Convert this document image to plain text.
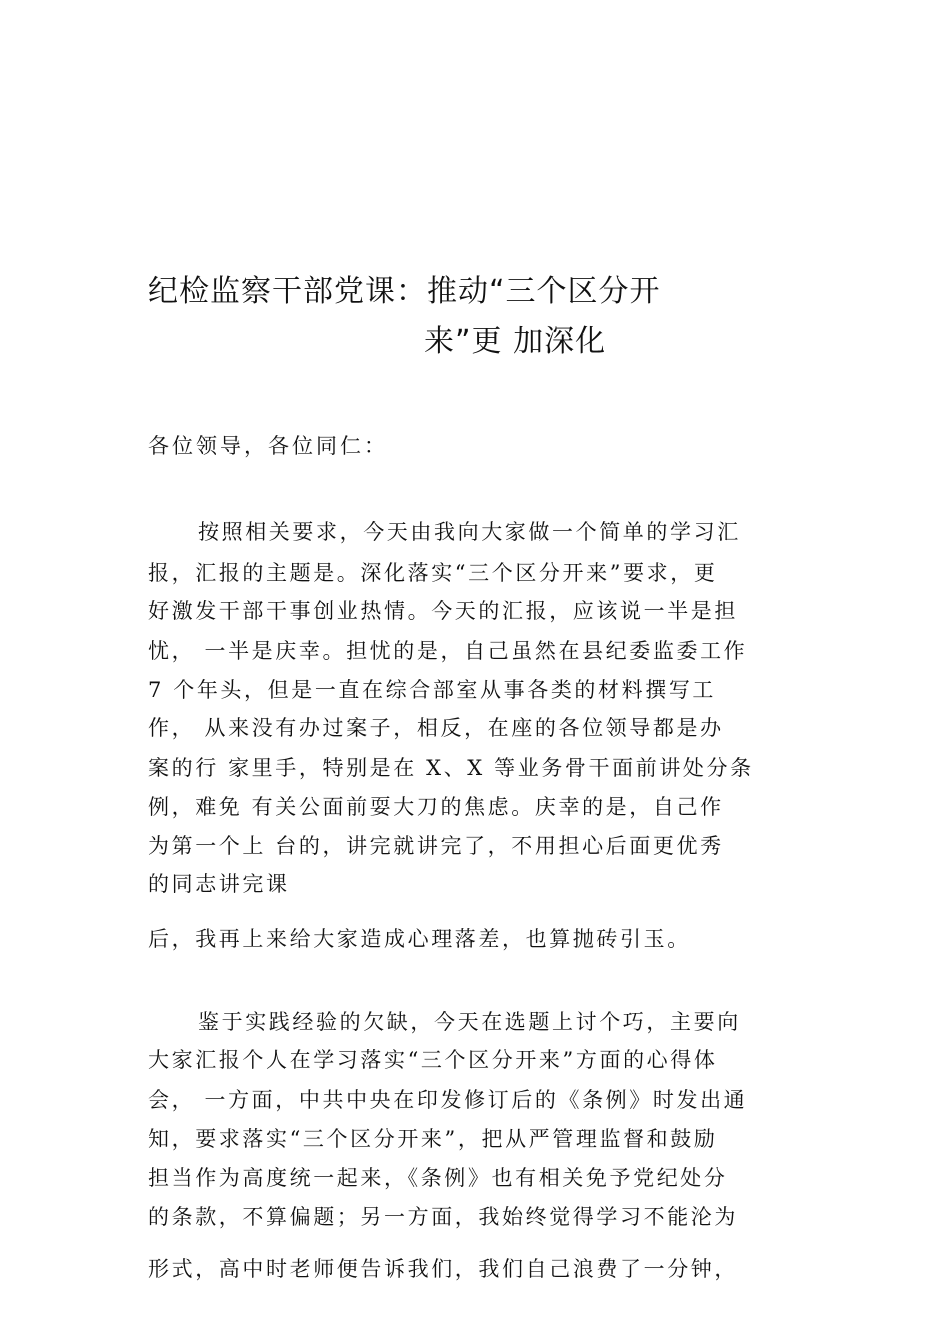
纪检监察干部党课：推动“三个区分开
来”更 加深化
各位领导，各位同仁：
按照相关要求，今天由我向大家做一个简单的学习汇
报，汇报的主题是。深化落实“三个区分开来”要求，更
好激发干部干事创业热情。今天的汇报，应该说一半是担
忧， 一半是庆幸。担忧的是，自己虽然在县纪委监委工作
7 个年头，但是一直在综合部室从事各类的材料撰写工
作， 从来没有办过案子，相反，在座的各位领导都是办
案的行 家里手，特别是在 X、X 等业务骨干面前讲处分条
例，难免 有关公面前耍大刀的焦虑。庆幸的是，自己作
为第一个上 台的，讲完就讲完了，不用担心后面更优秀
的同志讲完课
后，我再上来给大家造成心理落差，也算抛砖引玉。
鉴于实践经验的欠缺，今天在选题上讨个巧，主要向
大家汇报个人在学习落实“三个区分开来”方面的心得体
会， 一方面，中共中央在印发修订后的《条例》时发出通
知，要求落实“三个区分开来”，把从严管理监督和鼓励
担当作为高度统一起来，《条例》也有相关免予党纪处分
的条款，不算偏题；另一方面，我始终觉得学习不能沦为
形式，高中时老师便告诉我们，我们自己浪费了一分钟，
